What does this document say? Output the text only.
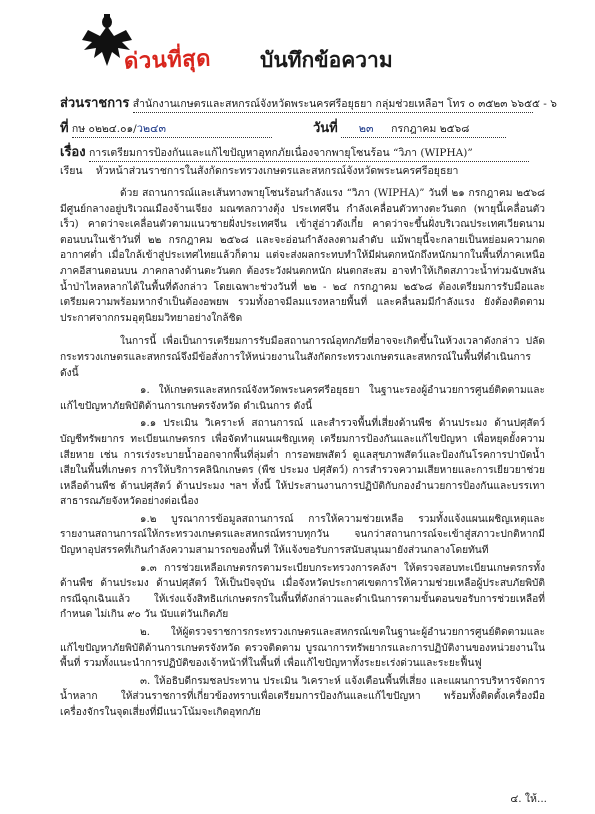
ด่วนที่สุด บันทึกข้อความ
ส่วนราชการ สำนักงานเกษตรและสหกรณ์จังหวัดพระนครศรีอยุธยา กลุ่มช่วยเหลือฯ โทร ๐ ๓๕๒๓ ๖๖๕๕ - ๖
ที่ กษ ๐๒๒๔.๐๑/ว๒๔๓	วันที่ ๒๓ กรกฎาคม ๒๕๖๘
เรื่อง การเตรียมการป้องกันและแก้ไขปัญหาอุทกภัยเนื่องจากพายุโซนร้อน “วิภา (WIPHA)”
เรียน หัวหน้าส่วนราชการในสังกัดกระทรวงเกษตรและสหกรณ์จังหวัดพระนครศรีอยุธยา

ด้วย สถานการณ์และเส้นทางพายุโซนร้อนกำลังแรง “วิภา (WIPHA)” วันที่ ๒๑ กรกฎาคม ๒๕๖๘ มีศูนย์กลางอยู่บริเวณเมืองจ้านเจียง มณฑลกวางตุ้ง ประเทศจีน กำลังเคลื่อนตัวทางตะวันตก (พายุนี้เคลื่อนตัวเร็ว) คาดว่าจะเคลื่อนตัวตามแนวชายฝั่งประเทศจีน เข้าสู่อ่าวตังเกี๋ย คาดว่าจะขึ้นฝั่งบริเวณประเทศเวียดนามตอนบนในเช้าวันที่ ๒๒ กรกฎาคม ๒๕๖๘ และจะอ่อนกำลังลงตามลำดับ แม้พายุนี้จะกลายเป็นหย่อมความกดอากาศต่ำ เมื่อใกล้เข้าสู่ประเทศไทยแล้วก็ตาม แต่จะส่งผลกระทบทำให้มีฝนตกหนักถึงหนักมากในพื้นที่ภาคเหนือ ภาคอีสานตอนบน ภาคกลางด้านตะวันตก ต้องระวังฝนตกหนัก ฝนตกสะสม อาจทำให้เกิดสภาวะน้ำท่วมฉับพลัน น้ำป่าไหลหลากได้ในพื้นที่ดังกล่าว โดยเฉพาะช่วงวันที่ ๒๒ - ๒๔ กรกฎาคม ๒๕๖๘ ต้องเตรียมการรับมือและเตรียมความพร้อมหากจำเป็นต้องอพยพ รวมทั้งอาจมีลมแรงหลายพื้นที่ และคลื่นลมมีกำลังแรง ยังต้องติดตามประกาศจากกรมอุตุนิยมวิทยาอย่างใกล้ชิด

ในการนี้ เพื่อเป็นการเตรียมการรับมือสถานการณ์อุทกภัยที่อาจจะเกิดขึ้นในห้วงเวลาดังกล่าว ปลัดกระทรวงเกษตรและสหกรณ์จึงมีข้อสั่งการให้หน่วยงานในสังกัดกระทรวงเกษตรและสหกรณ์ในพื้นที่ดำเนินการ ดังนี้

๑. ให้เกษตรและสหกรณ์จังหวัดพระนครศรีอยุธยา ในฐานะรองผู้อำนวยการศูนย์ติดตามและแก้ไขปัญหาภัยพิบัติด้านการเกษตรจังหวัด ดำเนินการ ดังนี้

๑.๑ ประเมิน วิเคราะห์ สถานการณ์ และสำรวจพื้นที่เสี่ยงด้านพืช ด้านประมง ด้านปศุสัตว์ บัญชีทรัพยากร ทะเบียนเกษตรกร เพื่อจัดทำแผนเผชิญเหตุ เตรียมการป้องกันและแก้ไขปัญหา เพื่อหยุดยั้งความเสียหาย เช่น การเร่งระบายน้ำออกจากพื้นที่ลุ่มต่ำ การอพยพสัตว์ ดูแลสุขภาพสัตว์และป้องกันโรคการปาบัดน้ำเสียในพื้นที่เกษตร การให้บริการคลินิกเกษตร (พืช ประมง ปศุสัตว์) การสำรวจความเสียหายและการเยียวยาช่วยเหลือด้านพืช ด้านปศุสัตว์ ด้านประมง ฯลฯ ทั้งนี้ ให้ประสานงานการปฏิบัติกับกองอำนวยการป้องกันและบรรเทาสาธารณภัยจังหวัดอย่างต่อเนื่อง

๑.๒ บูรณาการข้อมูลสถานการณ์ การให้ความช่วยเหลือ รวมทั้งแจ้งแผนเผชิญเหตุและรายงานสถานการณ์ให้กระทรวงเกษตรและสหกรณ์ทราบทุกวัน จนกว่าสถานการณ์จะเข้าสู่สภาวะปกติหากมีปัญหาอุปสรรคที่เกินกำลังความสามารถของพื้นที่ ให้แจ้งขอรับการสนับสนุนมายังส่วนกลางโดยทันที

๑.๓ การช่วยเหลือเกษตรกรตามระเบียบกระทรวงการคลังฯ ให้ตรวจสอบทะเบียนเกษตรกรทั้งด้านพืช ด้านประมง ด้านปศุสัตว์ ให้เป็นปัจจุบัน เมื่อจังหวัดประกาศเขตการให้ความช่วยเหลือผู้ประสบภัยพิบัติกรณีฉุกเฉินแล้ว ให้เร่งแจ้งสิทธิแก่เกษตรกรในพื้นที่ดังกล่าวและดำเนินการตามขั้นตอนขอรับการช่วยเหลือที่กำหนด ไม่เกิน ๙๐ วัน นับแต่วันเกิดภัย

๒. ให้ผู้ตรวจราชการกระทรวงเกษตรและสหกรณ์เขตในฐานะผู้อำนวยการศูนย์ติดตามและแก้ไขปัญหาภัยพิบัติด้านการเกษตรจังหวัด ตรวจติดตาม บูรณาการทรัพยากรและการปฏิบัติงานของหน่วยงานในพื้นที่ รวมทั้งแนะนำการปฏิบัติของเจ้าหน้าที่ในพื้นที่ เพื่อแก้ไขปัญหาทั้งระยะเร่งด่วนและระยะฟื้นฟู

๓. ให้อธิบดีกรมชลประทาน ประเมิน วิเคราะห์ แจ้งเตือนพื้นที่เสี่ยง และแผนการบริหารจัดการน้ำหลาก ให้ส่วนราชการที่เกี่ยวข้องทราบเพื่อเตรียมการป้องกันและแก้ไขปัญหา พร้อมทั้งติดตั้งเครื่องมือ เครื่องจักรในจุดเสี่ยงที่มีแนวโน้มจะเกิดอุทกภัย

๔. ให้...
